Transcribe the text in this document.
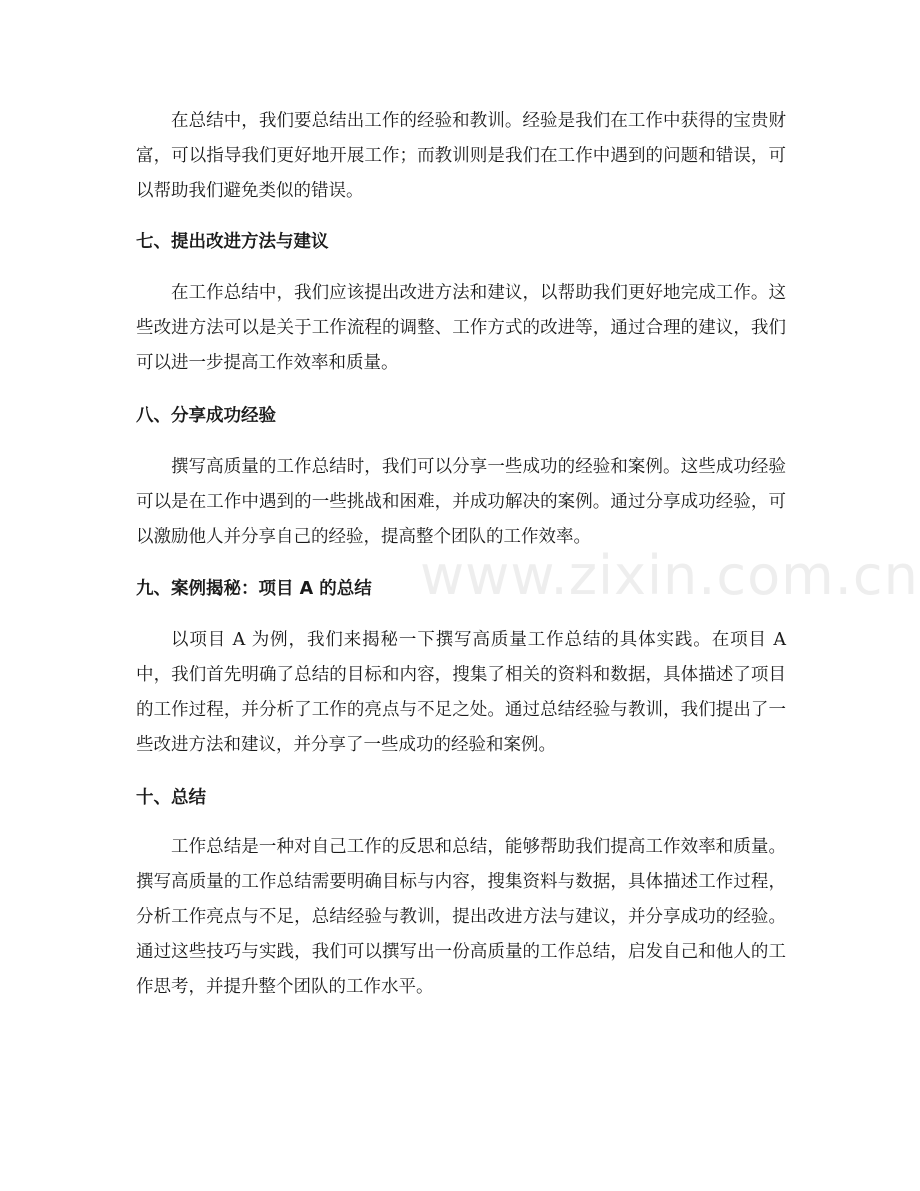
在总结中，我们要总结出工作的经验和教训。经验是我们在工作中获得的宝贵财富，可以指导我们更好地开展工作；而教训则是我们在工作中遇到的问题和错误，可以帮助我们避免类似的错误。

七、提出改进方法与建议

在工作总结中，我们应该提出改进方法和建议，以帮助我们更好地完成工作。这些改进方法可以是关于工作流程的调整、工作方式的改进等，通过合理的建议，我们可以进一步提高工作效率和质量。

八、分享成功经验

撰写高质量的工作总结时，我们可以分享一些成功的经验和案例。这些成功经验可以是在工作中遇到的一些挑战和困难，并成功解决的案例。通过分享成功经验，可以激励他人并分享自己的经验，提高整个团队的工作效率。

九、案例揭秘：项目 A 的总结

以项目 A 为例，我们来揭秘一下撰写高质量工作总结的具体实践。在项目 A 中，我们首先明确了总结的目标和内容，搜集了相关的资料和数据，具体描述了项目的工作过程，并分析了工作的亮点与不足之处。通过总结经验与教训，我们提出了一些改进方法和建议，并分享了一些成功的经验和案例。

十、总结

工作总结是一种对自己工作的反思和总结，能够帮助我们提高工作效率和质量。撰写高质量的工作总结需要明确目标与内容，搜集资料与数据，具体描述工作过程，分析工作亮点与不足，总结经验与教训，提出改进方法与建议，并分享成功的经验。通过这些技巧与实践，我们可以撰写出一份高质量的工作总结，启发自己和他人的工作思考，并提升整个团队的工作水平。

www.zixin.com.cn
